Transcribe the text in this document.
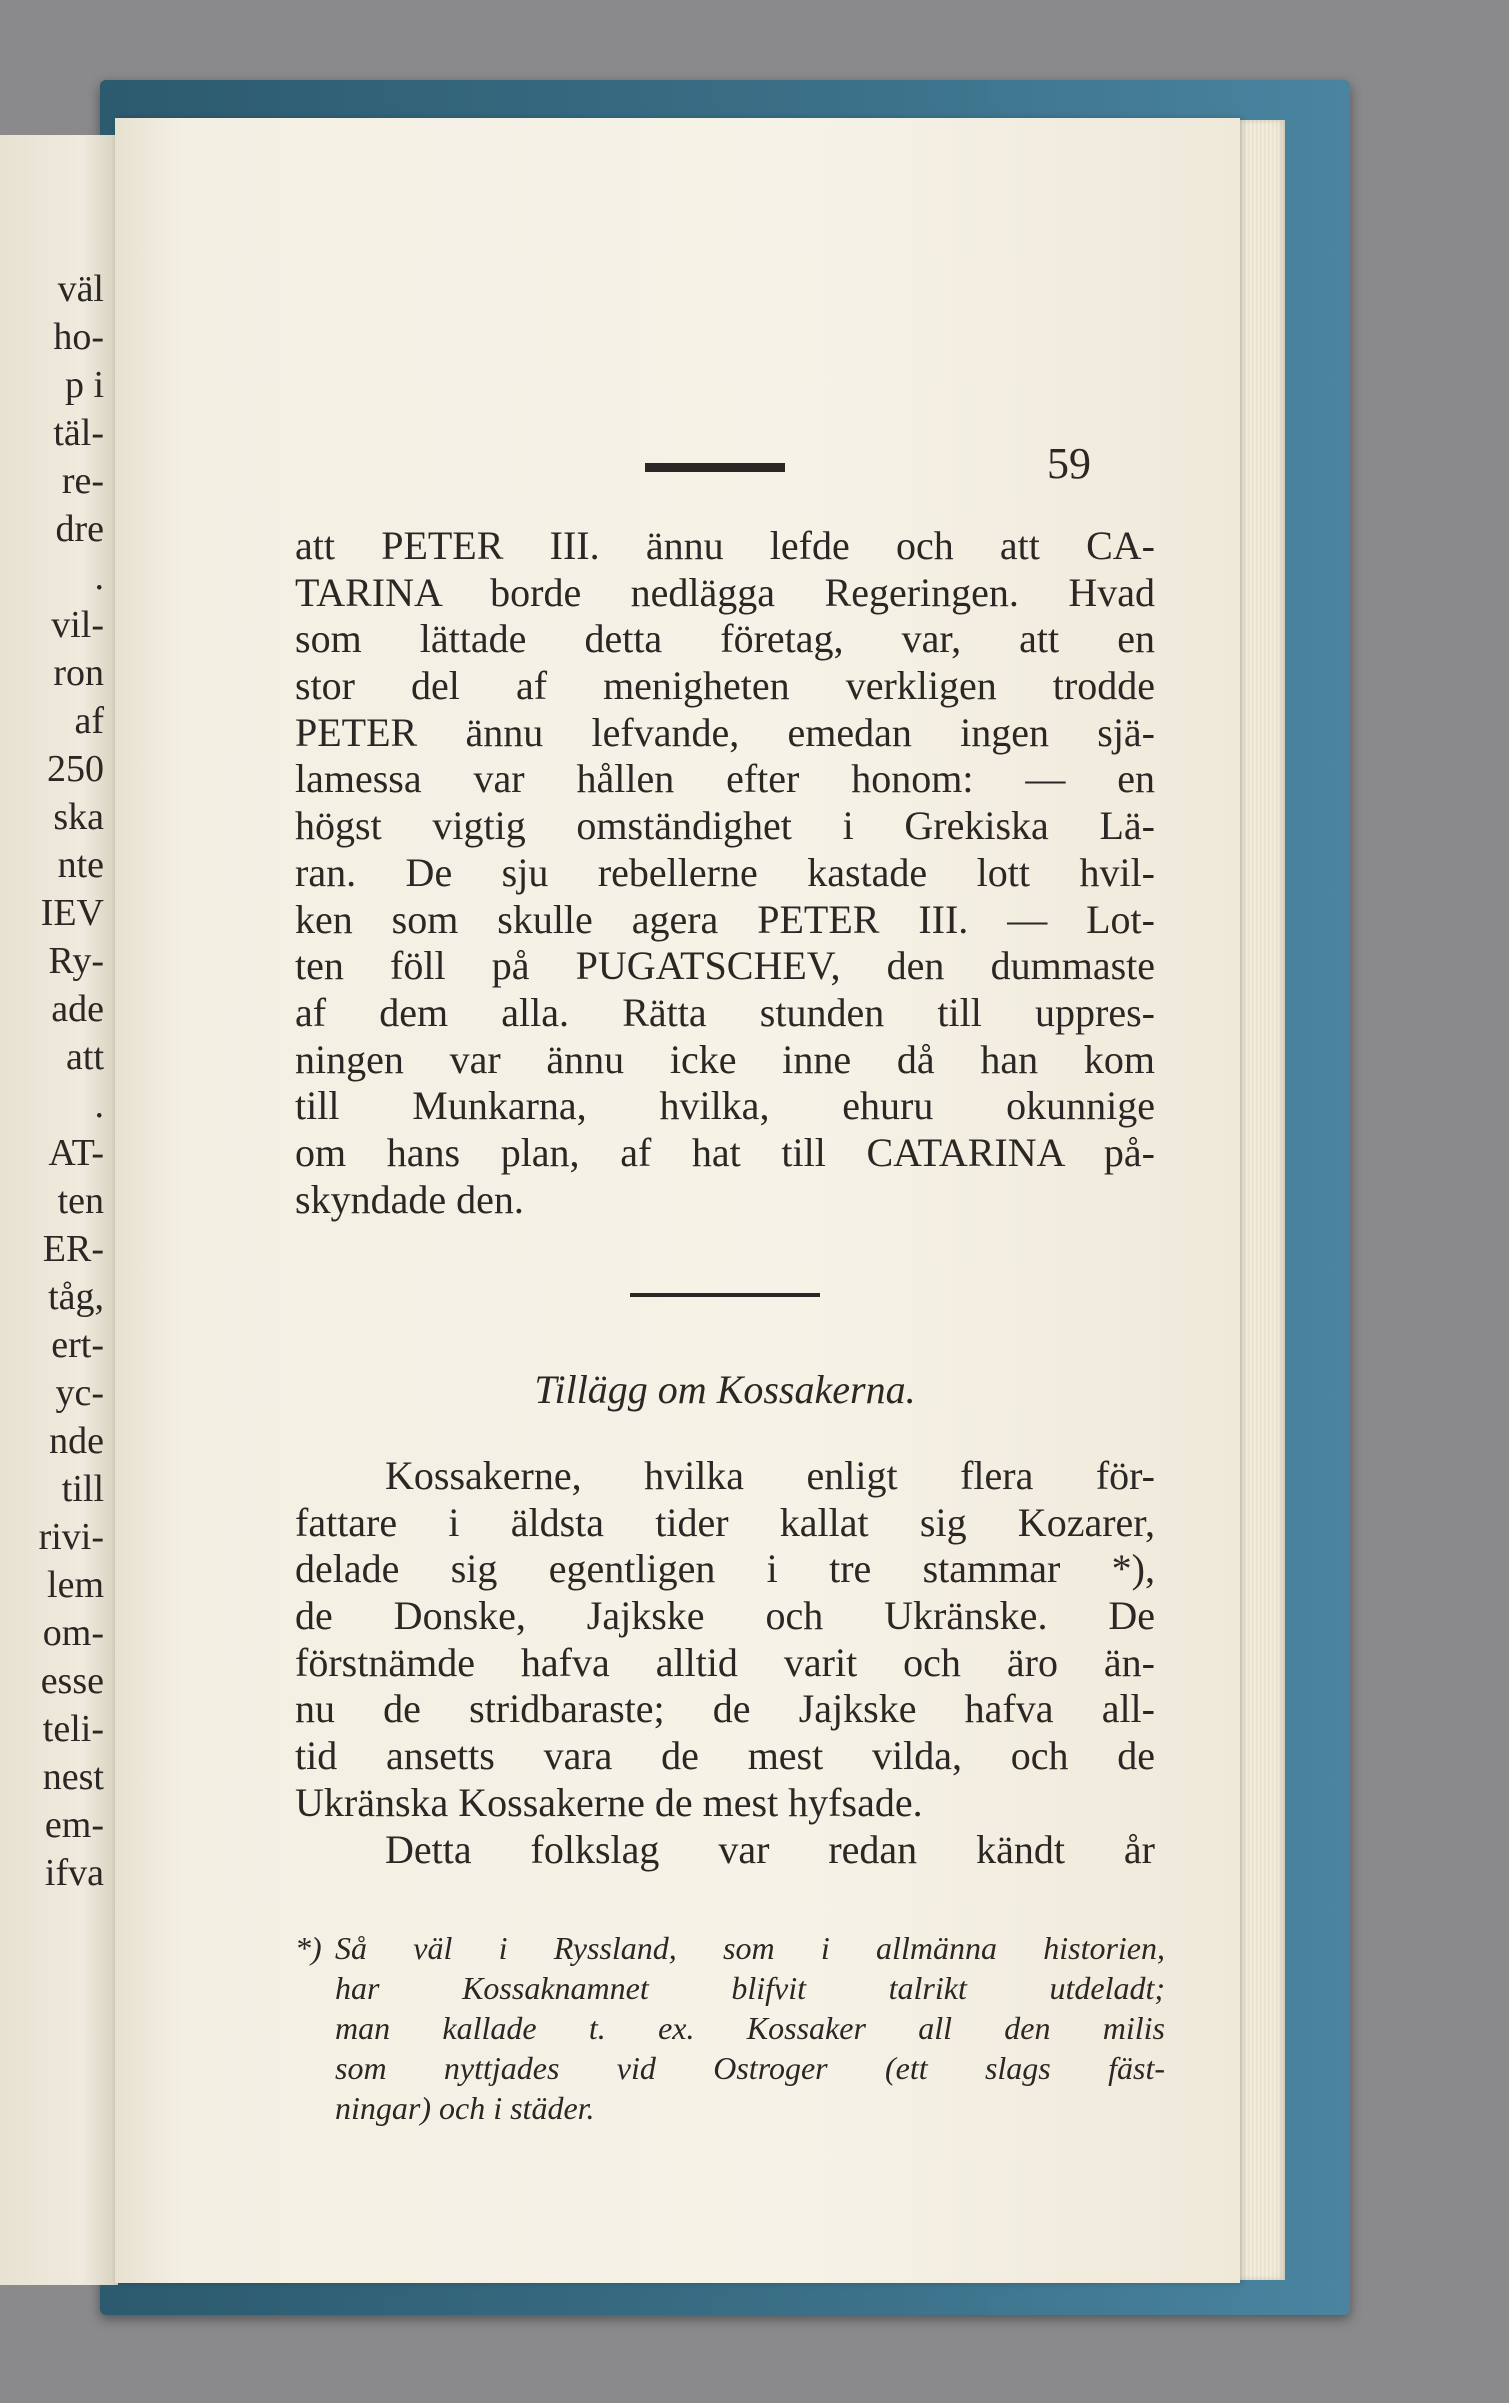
väl

ho-

p i

täl-

re-

dre

.

vil-

ron

af

250

ska

nte

IEV

Ry-

ade

att

.

AT-

ten

ER-

tåg,

ert-

yc-

nde

till

rivi-

lem

om-

esse

teli-

nest

em-

ifva

59

att PETER III. ännu lefde och att CA-

TARINA borde nedlägga Regeringen. Hvad

som lättade detta företag, var, att en

stor del af menigheten verkligen trodde

PETER ännu lefvande, emedan ingen sjä-

lamessa var hållen efter honom: — en

högst vigtig omständighet i Grekiska Lä-

ran. De sju rebellerne kastade lott hvil-

ken som skulle agera PETER III. — Lot-

ten föll på PUGATSCHEV, den dummaste

af dem alla. Rätta stunden till uppres-

ningen var ännu icke inne då han kom

till Munkarna, hvilka, ehuru okunnige

om hans plan, af hat till CATARINA på-

skyndade den.

Tillägg om Kossakerna.

Kossakerne, hvilka enligt flera för-

fattare i äldsta tider kallat sig Kozarer,

delade sig egentligen i tre stammar *),

de Donske, Jajkske och Ukränske. De

förstnämde hafva alltid varit och äro än-

nu de stridbaraste; de Jajkske hafva all-

tid ansetts vara de mest vilda, och de

Ukränska Kossakerne de mest hyfsade.

Detta folkslag var redan kändt år

*) Så väl i Ryssland, som i allmänna historien,

har Kossaknamnet blifvit talrikt utdeladt;

man kallade t. ex. Kossaker all den milis

som nyttjades vid Ostroger (ett slags fäst-

ningar) och i städer.
